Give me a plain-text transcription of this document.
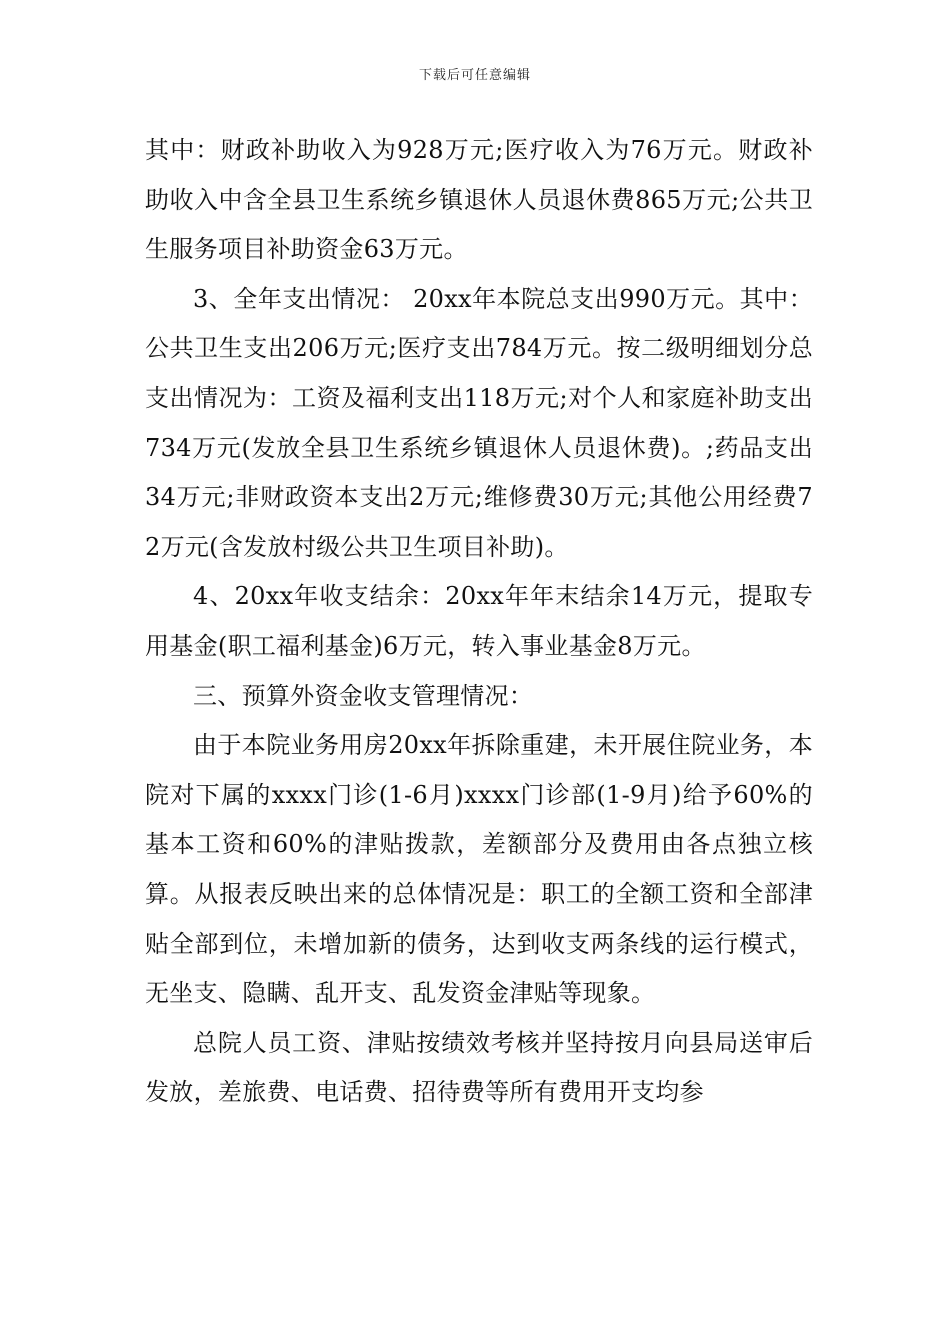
下载后可任意编辑

其中：财政补助收入为928万元;医疗收入为76万元。财政补助收入中含全县卫生系统乡镇退休人员退休费865万元;公共卫生服务项目补助资金63万元。

3、全年支出情况： 20xx年本院总支出990万元。其中：公共卫生支出206万元;医疗支出784万元。按二级明细划分总支出情况为：工资及福利支出118万元;对个人和家庭补助支出734万元(发放全县卫生系统乡镇退休人员退休费)。;药品支出34万元;非财政资本支出2万元;维修费30万元;其他公用经费72万元(含发放村级公共卫生项目补助)。

4、20xx年收支结余：20xx年年末结余14万元，提取专用基金(职工福利基金)6万元，转入事业基金8万元。

三、预算外资金收支管理情况：

由于本院业务用房20xx年拆除重建，未开展住院业务，本院对下属的xxxx门诊(1-6月)xxxx门诊部(1-9月)给予60%的基本工资和60%的津贴拨款，差额部分及费用由各点独立核算。从报表反映出来的总体情况是：职工的全额工资和全部津贴全部到位，未增加新的债务，达到收支两条线的运行模式，无坐支、隐瞒、乱开支、乱发资金津贴等现象。

总院人员工资、津贴按绩效考核并坚持按月向县局送审后发放，差旅费、电话费、招待费等所有费用开支均参
